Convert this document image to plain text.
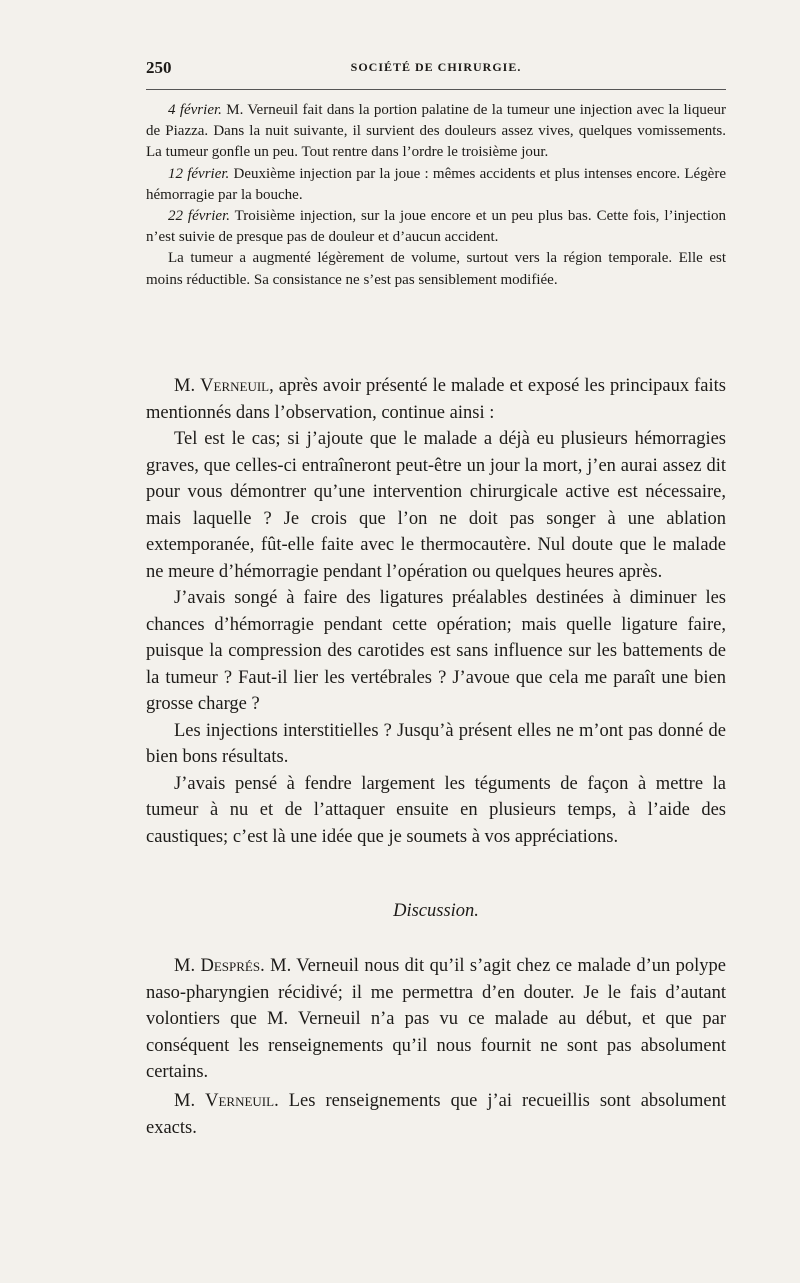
250	SOCIÉTÉ DE CHIRURGIE.

4 février. M. Verneuil fait dans la portion palatine de la tumeur une injection avec la liqueur de Piazza. Dans la nuit suivante, il survient des douleurs assez vives, quelques vomissements. La tumeur gonfle un peu. Tout rentre dans l’ordre le troisième jour.

12 février. Deuxième injection par la joue : mêmes accidents et plus intenses encore. Légère hémorragie par la bouche.

22 février. Troisième injection, sur la joue encore et un peu plus bas. Cette fois, l’injection n’est suivie de presque pas de douleur et d’aucun accident.

La tumeur a augmenté légèrement de volume, surtout vers la région temporale. Elle est moins réductible. Sa consistance ne s’est pas sensiblement modifiée.

M. Verneuil, après avoir présenté le malade et exposé les principaux faits mentionnés dans l’observation, continue ainsi :

Tel est le cas; si j’ajoute que le malade a déjà eu plusieurs hémorragies graves, que celles-ci entraîneront peut-être un jour la mort, j’en aurai assez dit pour vous démontrer qu’une intervention chirurgicale active est nécessaire, mais laquelle ? Je crois que l’on ne doit pas songer à une ablation extemporanée, fût-elle faite avec le thermocautère. Nul doute que le malade ne meure d’hémorragie pendant l’opération ou quelques heures après.

J’avais songé à faire des ligatures préalables destinées à diminuer les chances d’hémorragie pendant cette opération; mais quelle ligature faire, puisque la compression des carotides est sans influence sur les battements de la tumeur ? Faut-il lier les vertébrales ? J’avoue que cela me paraît une bien grosse charge ?

Les injections interstitielles ? Jusqu’à présent elles ne m’ont pas donné de bien bons résultats.

J’avais pensé à fendre largement les téguments de façon à mettre la tumeur à nu et de l’attaquer ensuite en plusieurs temps, à l’aide des caustiques; c’est là une idée que je soumets à vos appréciations.

Discussion.

M. Després. M. Verneuil nous dit qu’il s’agit chez ce malade d’un polype naso-pharyngien récidivé; il me permettra d’en douter. Je le fais d’autant volontiers que M. Verneuil n’a pas vu ce malade au début, et que par conséquent les renseignements qu’il nous fournit ne sont pas absolument certains.

M. Verneuil. Les renseignements que j’ai recueillis sont absolument exacts.
